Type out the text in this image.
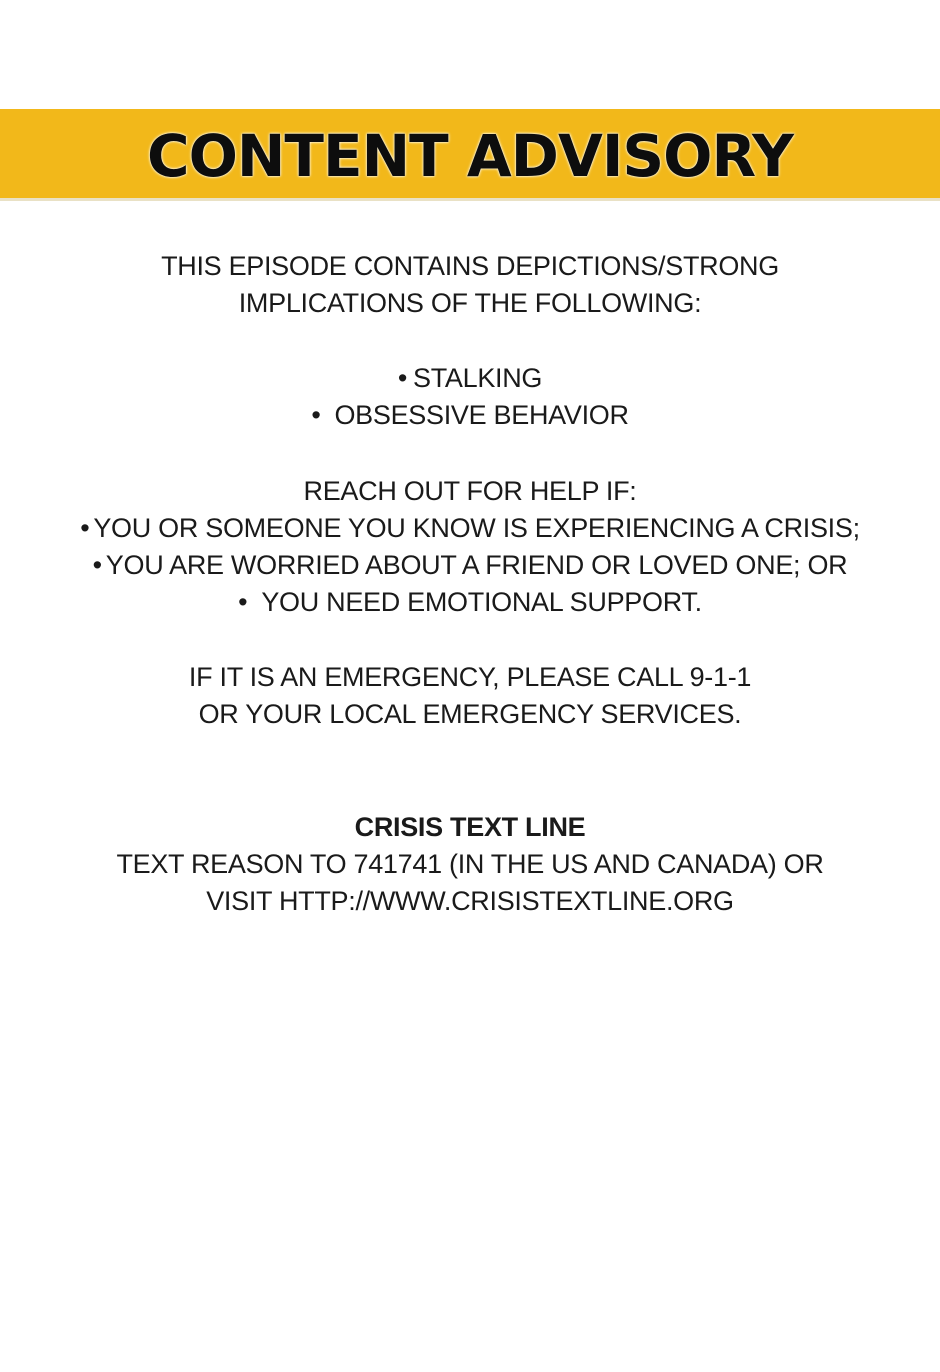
CONTENT ADVISORY
THIS EPISODE CONTAINS DEPICTIONS/STRONG
IMPLICATIONS OF THE FOLLOWING:
• STALKING
• OBSESSIVE BEHAVIOR
REACH OUT FOR HELP IF:
• YOU OR SOMEONE YOU KNOW IS EXPERIENCING A CRISIS;
• YOU ARE WORRIED ABOUT A FRIEND OR LOVED ONE; OR
• YOU NEED EMOTIONAL SUPPORT.
IF IT IS AN EMERGENCY, PLEASE CALL 9-1-1
OR YOUR LOCAL EMERGENCY SERVICES.
CRISIS TEXT LINE
TEXT REASON TO 741741 (IN THE US AND CANADA) OR
VISIT HTTP://WWW.CRISISTEXTLINE.ORG
